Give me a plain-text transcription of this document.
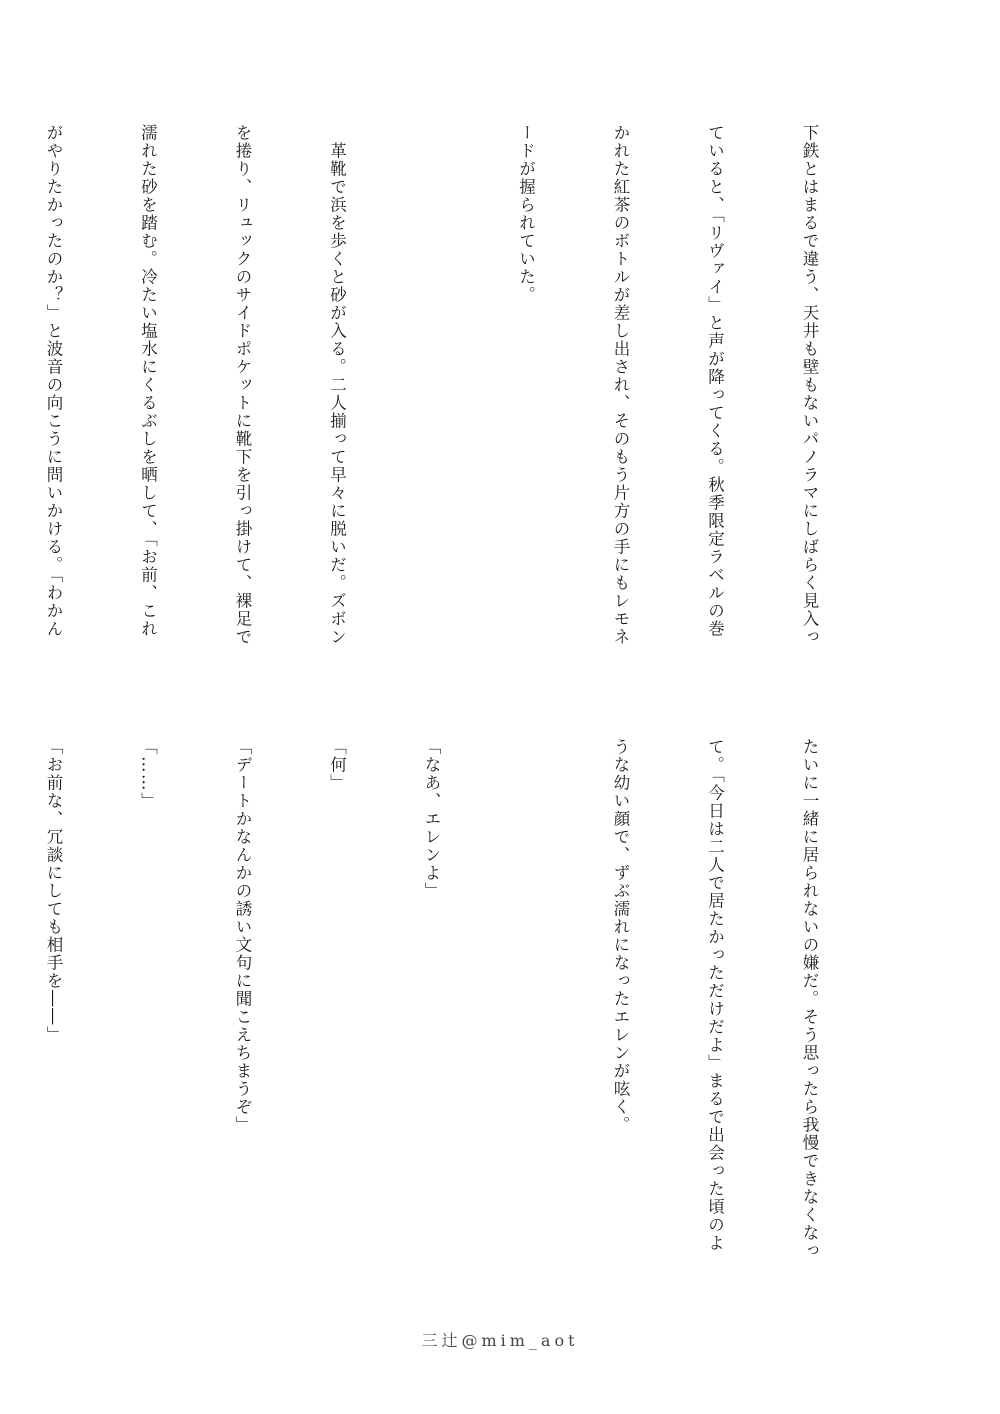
下鉄とはまるで違う、天井も壁もないパノラマにしばらく見入っ

ていると、「リヴァイ」と声が降ってくる。秋季限定ラベルの巻

かれた紅茶のボトルが差し出され、そのもう片方の手にもレモネ

ードが握られていた。

　革靴で浜を歩くと砂が入る。二人揃って早々に脱いだ。ズボン

を捲り、リュックのサイドポケットに靴下を引っ掛けて、裸足で

濡れた砂を踏む。冷たい塩水にくるぶしを晒して、「お前、これ

がやりたかったのか？」と波音の向こうに問いかける。「わかん

たいに一緒に居られないの嫌だ。そう思ったら我慢できなくなっ

て。「今日は二人で居たかっただけだよ」まるで出会った頃のよ

うな幼い顔で、ずぶ濡れになったエレンが呟く。

「なあ、エレンよ」

「何」

「デートかなんかの誘い文句に聞こえちまうぞ」

「……」

「お前な、冗談にしても相手を――」

三辻@mim_aot
